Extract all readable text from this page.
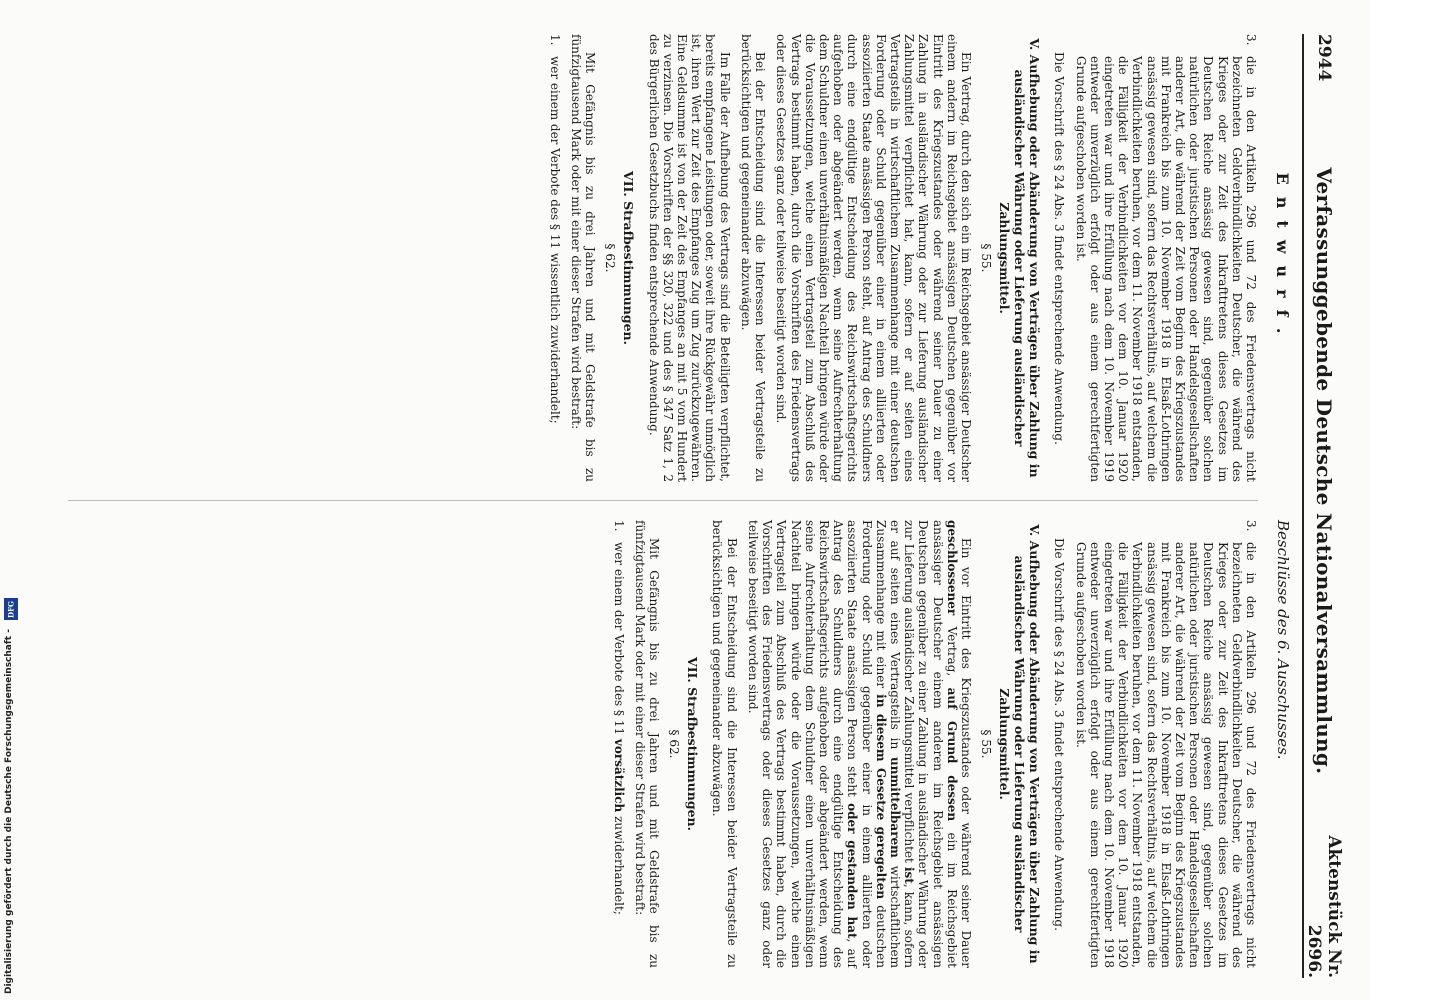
2944
Verfassunggebende Deutsche Nationalversammlung.
Aktenstück Nr. 2696.
Entwurf.
Beschlüsse des 6. Ausschusses.

3.
die in den Artikeln 296 und 72 des Friedensvertrags nicht bezeichneten Geldverbindlichkeiten Deutscher, die während des Krieges oder zur Zeit des Inkrafttretens dieses Gesetzes im Deutschen Reiche ansässig gewesen sind, gegenüber solchen natürlichen oder juristischen Personen oder Handelsgesellschaften anderer Art, die während der Zeit vom Beginn des Kriegszustandes mit Frankreich bis zum 10. November 1918 in Elsaß-Lothringen ansässig gewesen sind, sofern das Rechtsverhältnis, auf welchem die Verbindlichkeiten beruhen, vor dem 11. November 1918 entstanden, die Fälligkeit der Verbindlichkeiten vor dem 10. Januar 1920 eingetreten war und ihre Erfüllung nach dem 10. November 1919 entweder unverzüglich erfolgt oder aus einem gerechtfertigten Grunde aufgeschoben worden ist.

Die Vorschrift des § 24 Abs. 3 findet entsprechende Anwendung.

V. Aufhebung oder Abänderung von Verträgen über Zahlung in ausländischer Währung oder Lieferung ausländischer Zahlungsmittel.
§ 55.

Ein Vertrag, durch den sich ein im Reichsgebiet ansässiger Deutscher einem andern im Reichsgebiet ansässigen Deutschen gegenüber vor Eintritt des Kriegszustandes oder während seiner Dauer zu einer Zahlung in ausländischer Währung oder zur Lieferung ausländischer Zahlungsmittel verpflichtet hat, kann, sofern er auf seiten eines Vertragsteils in wirtschaftlichem Zusammenhange mit einer deutschen Forderung oder Schuld gegenüber einer in einem alliierten oder assoziierten Staate ansässigen Person steht, auf Antrag des Schuldners durch eine endgültige Entscheidung des Reichswirtschaftsgerichts aufgehoben oder abgeändert werden, wenn seine Aufrechterhaltung dem Schuldner einen unverhältnismäßigen Nachteil bringen würde oder die Voraussetzungen, welche einen Vertragsteil zum Abschluß des Vertrags bestimmt haben, durch die Vorschriften des Friedensvertrags oder dieses Gesetzes ganz oder teilweise beseitigt worden sind.

Bei der Entscheidung sind die Interessen beider Vertragsteile zu berücksichtigen und gegeneinander abzuwägen.

Im Falle der Aufhebung des Vertrags sind die Beteiligten verpflichtet, bereits empfangene Leistungen oder, soweit ihre Rückgewähr unmöglich ist, ihren Wert zur Zeit des Empfanges Zug um Zug zurückzugewähren. Eine Geldsumme ist von der Zeit des Empfanges an mit 5 vom Hundert zu verzinsen. Die Vorschriften der §§ 320, 322 und des § 347 Satz 1, 2 des Bürgerlichen Gesetzbuchs finden entsprechende Anwendung.

VII. Strafbestimmungen.
§ 62.

Mit Gefängnis bis zu drei Jahren und mit Geldstrafe bis zu fünfzigtausend Mark oder mit einer dieser Strafen wird bestraft:

1.
wer einem der Verbote des § 11 wissentlich zuwiderhandelt;

3.
die in den Artikeln 296 und 72 des Friedensvertrags nicht bezeichneten Geldverbindlichkeiten Deutscher, die während des Krieges oder zur Zeit des Inkrafttretens dieses Gesetzes im Deutschen Reiche ansässig gewesen sind, gegenüber solchen natürlichen oder juristischen Personen oder Handelsgesellschaften anderer Art, die während der Zeit vom Beginn des Kriegszustandes mit Frankreich bis zum 10. November 1918 in Elsaß-Lothringen ansässig gewesen sind, sofern das Rechtsverhältnis, auf welchem die Verbindlichkeiten beruhen, vor dem 11. November 1918 entstanden, die Fälligkeit der Verbindlichkeiten vor dem 10. Januar 1920 eingetreten war und ihre Erfüllung nach dem 10. November 1918 entweder unverzüglich erfolgt oder aus einem gerechtfertigten Grunde aufgeschoben worden ist.

Die Vorschrift des § 24 Abs. 3 findet entsprechende Anwendung.

V. Aufhebung oder Abänderung von Verträgen über Zahlung in ausländischer Währung oder Lieferung ausländischer Zahlungsmittel.
§ 55.

Ein vor Eintritt des Kriegszustandes oder während seiner Dauer geschlossener Vertrag, auf Grund dessen ein im Reichsgebiet ansässiger Deutscher einem anderen im Reichsgebiet ansässigen Deutschen gegenüber zu einer Zahlung in ausländischer Währung oder zur Lieferung ausländischer Zahlungsmittel verpflichtet ist, kann, sofern er auf seiten eines Vertragsteils in unmittelbarem wirtschaftlichem Zusammenhange mit einer in diesem Gesetze geregelten deutschen Forderung oder Schuld gegenüber einer in einem alliierten oder assoziierten Staate ansässigen Person steht oder gestanden hat, auf Antrag des Schuldners durch eine endgültige Entscheidung des Reichswirtschaftsgerichts aufgehoben oder abgeändert werden, wenn seine Aufrechterhaltung dem Schuldner einen unverhältnismäßigen Nachteil bringen würde oder die Voraussetzungen, welche einen Vertragsteil zum Abschluß des Vertrags bestimmt haben, durch die Vorschriften des Friedensvertrags oder dieses Gesetzes ganz oder teilweise beseitigt worden sind.

Bei der Entscheidung sind die Interessen beider Vertragsteile zu berücksichtigen und gegeneinander abzuwägen.

VII. Strafbestimmungen.
§ 62.

Mit Gefängnis bis zu drei Jahren und mit Geldstrafe bis zu fünfzigtausend Mark oder mit einer dieser Strafen wird bestraft:

1.
wer einem der Verbote des § 11 vorsätzlich zuwiderhandelt;

Digitalisierung gefördert durch die Deutsche Forschungsgemeinschaft -
DFG
